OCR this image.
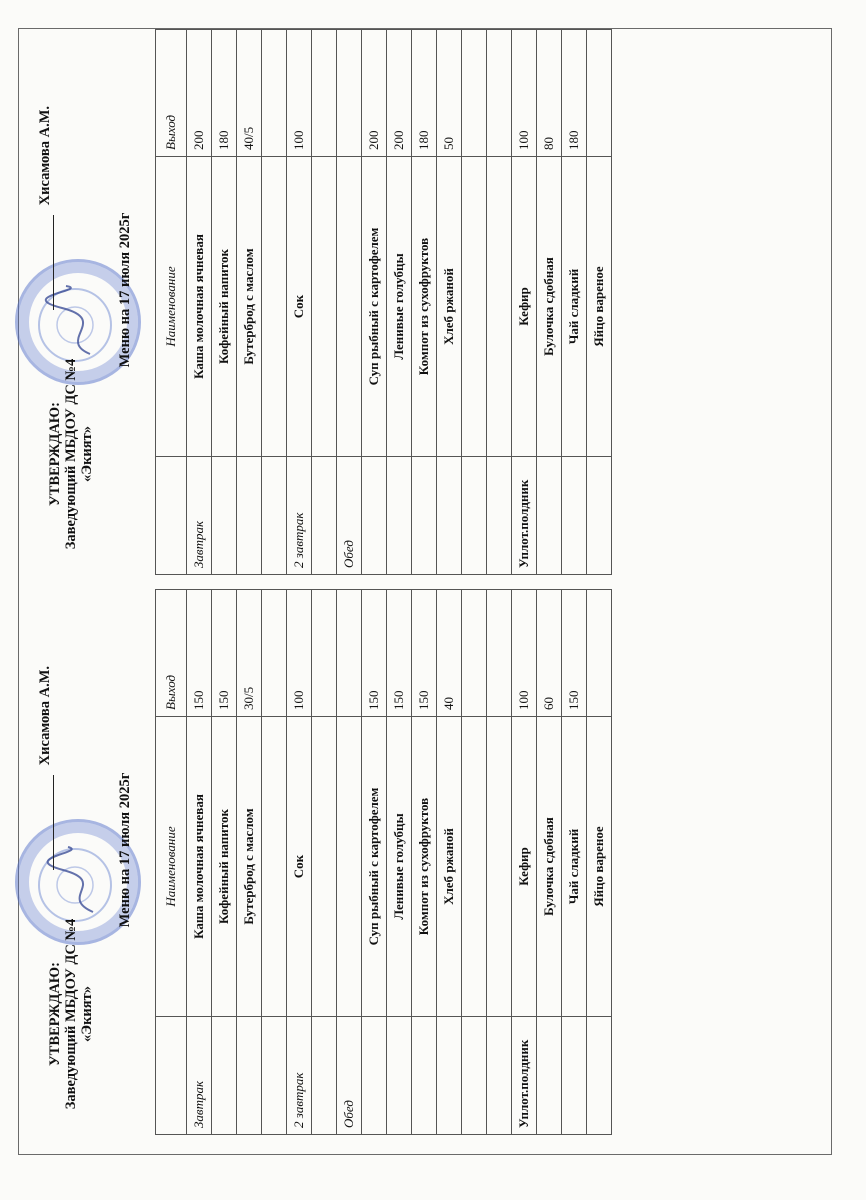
УТВЕРЖДАЮ: Заведующий МБДОУ ДС №4 «Экият»
Хисамова А.М.
Меню на 17 июля 2025г
	Наименование	Выход
Завтрак	Каша молочная ячневая	150
	Кофейный напиток	150
	Бутерброд с маслом	30/5

2 завтрак	Сок	100

Обед		
	Суп рыбный с картофелем	150
	Ленивые голубцы	150
	Компот из сухофруктов	150
	Хлеб ржаной	40

Уплот.полдник	Кефир	100
	Булочка сдобная	60
	Чай сладкий	150
	Яйцо вареное	
УТВЕРЖДАЮ: Заведующий МБДОУ ДС №4 «Экият»
Хисамова А.М.
Меню на 17 июля 2025г
	Наименование	Выход
Завтрак	Каша молочная ячневая	200
	Кофейный напиток	180
	Бутерброд с маслом	40/5

2 завтрак	Сок	100

Обед		
	Суп рыбный с картофелем	200
	Ленивые голубцы	200
	Компот из сухофруктов	180
	Хлеб ржаной	50

Уплот.полдник	Кефир	100
	Булочка сдобная	80
	Чай сладкий	180
	Яйцо вареное	
